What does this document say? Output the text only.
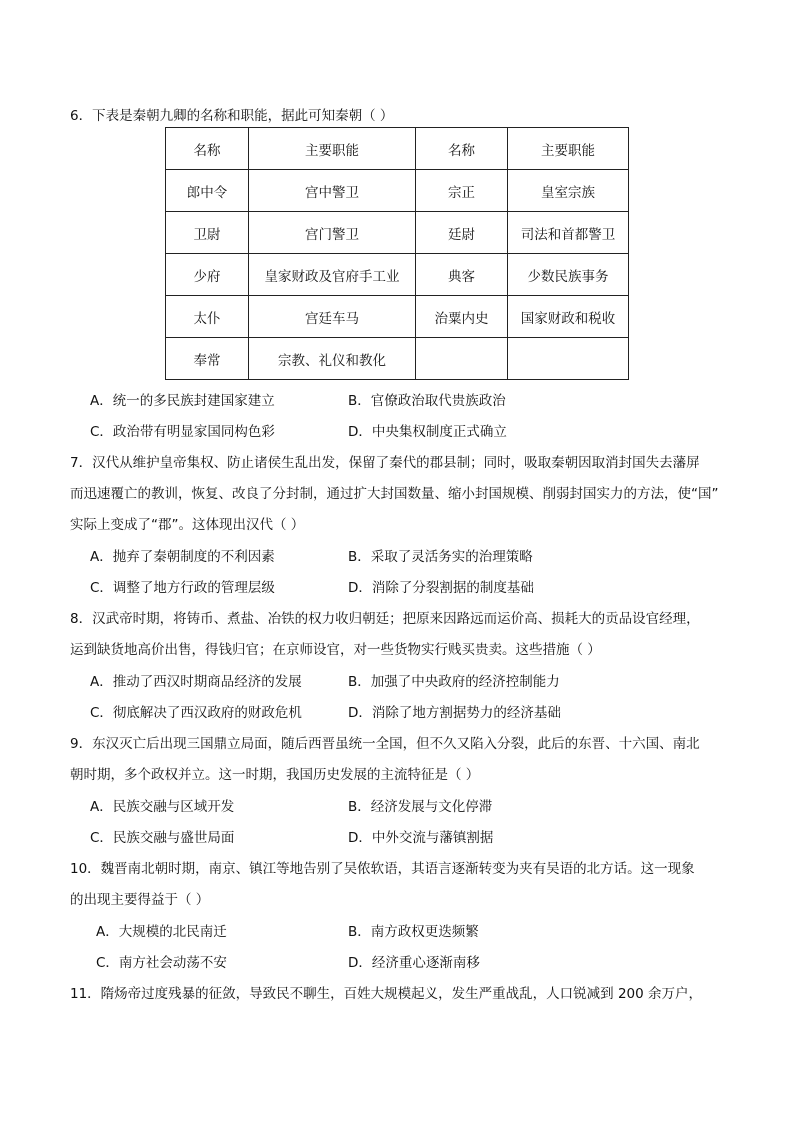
6．下表是秦朝九卿的名称和职能，据此可知秦朝（ ）
名称	主要职能	名称	主要职能
郎中令	宫中警卫	宗正	皇室宗族
卫尉	宫门警卫	廷尉	司法和首都警卫
少府	皇家财政及官府手工业	典客	少数民族事务
太仆	宫廷车马	治粟内史	国家财政和税收
奉常	宗教、礼仪和教化		
A．统一的多民族封建国家建立	B．官僚政治取代贵族政治
C．政治带有明显家国同构色彩	D．中央集权制度正式确立
7．汉代从维护皇帝集权、防止诸侯生乱出发，保留了秦代的郡县制；同时，吸取秦朝因取消封国失去藩屏
而迅速覆亡的教训，恢复、改良了分封制，通过扩大封国数量、缩小封国规模、削弱封国实力的方法，使“国”
实际上变成了“郡”。这体现出汉代（ ）
A．抛弃了秦朝制度的不利因素	B．采取了灵活务实的治理策略
C．调整了地方行政的管理层级	D．消除了分裂割据的制度基础
8．汉武帝时期，将铸币、煮盐、冶铁的权力收归朝廷；把原来因路远而运价高、损耗大的贡品设官经理，
运到缺货地高价出售，得钱归官；在京师设官，对一些货物实行贱买贵卖。这些措施（ ）
A．推动了西汉时期商品经济的发展	B．加强了中央政府的经济控制能力
C．彻底解决了西汉政府的财政危机	D．消除了地方割据势力的经济基础
9．东汉灭亡后出现三国鼎立局面，随后西晋虽统一全国，但不久又陷入分裂，此后的东晋、十六国、南北
朝时期，多个政权并立。这一时期，我国历史发展的主流特征是（ ）
A．民族交融与区域开发	B．经济发展与文化停滞
C．民族交融与盛世局面	D．中外交流与藩镇割据
10．魏晋南北朝时期，南京、镇江等地告别了吴侬软语，其语言逐渐转变为夹有吴语的北方话。这一现象
的出现主要得益于（ ）
A．大规模的北民南迁	B．南方政权更迭频繁
C．南方社会动荡不安	D．经济重心逐渐南移
11．隋炀帝过度残暴的征敛，导致民不聊生，百姓大规模起义，发生严重战乱，人口锐减到 200 余万户，
